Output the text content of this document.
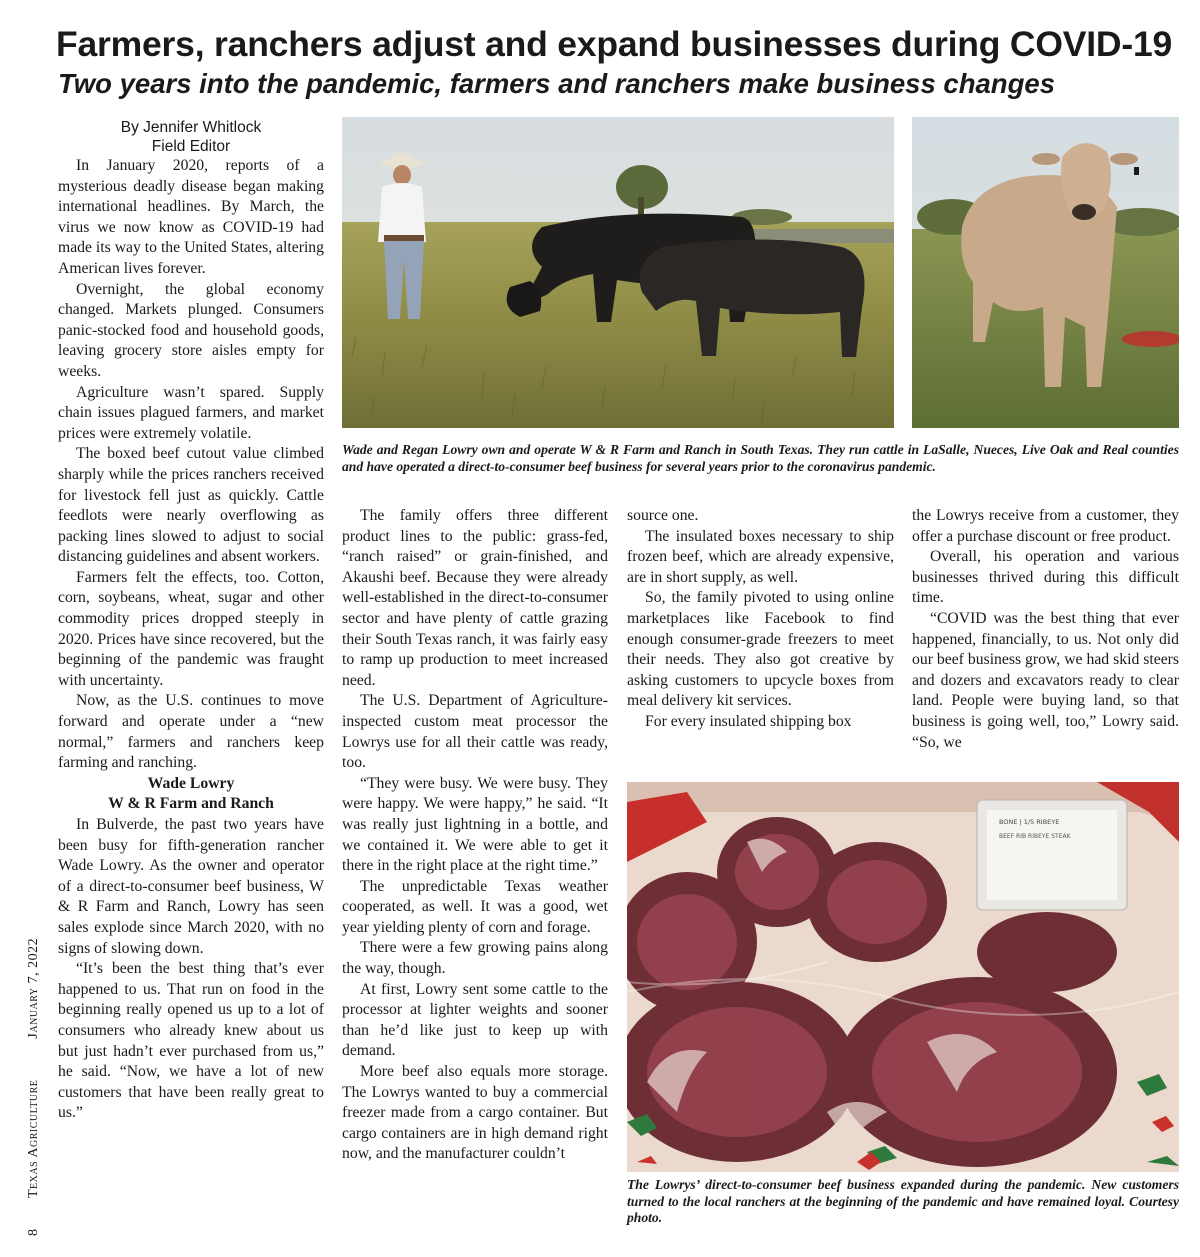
Farmers, ranchers adjust and expand businesses during COVID-19
Two years into the pandemic, farmers and ranchers make business changes
By Jennifer Whitlock
Field Editor
8  Texas Agriculture  January 7, 2022

In January 2020, reports of a mysterious deadly disease began making international headlines. By March, the virus we now know as COVID-19 had made its way to the United States, altering American lives forever.

Overnight, the global economy changed. Markets plunged. Consumers panic-stocked food and household goods, leaving grocery store aisles empty for weeks.

Agriculture wasn’t spared. Supply chain issues plagued farmers, and market prices were extremely volatile.

The boxed beef cutout value climbed sharply while the prices ranchers received for livestock fell just as quickly. Cattle feedlots were nearly overflowing as packing lines slowed to adjust to social distancing guidelines and absent workers.

Farmers felt the effects, too. Cotton, corn, soybeans, wheat, sugar and other commodity prices dropped steeply in 2020. Prices have since recovered, but the beginning of the pandemic was fraught with uncertainty.

Now, as the U.S. continues to move forward and operate under a “new normal,” farmers and ranchers keep farming and ranching.

Wade Lowry
W & R Farm and Ranch

In Bulverde, the past two years have been busy for fifth-generation rancher Wade Lowry. As the owner and operator of a direct-to-consumer beef business, W & R Farm and Ranch, Lowry has seen sales explode since March 2020, with no signs of slowing down.

“It’s been the best thing that’s ever happened to us. That run on food in the beginning really opened us up to a lot of consumers who already knew about us but just hadn’t ever purchased from us,” he said. “Now, we have a lot of new customers that have been really great to us.”

Wade and Regan Lowry own and operate W & R Farm and Ranch in South Texas. They run cattle in LaSalle, Nueces, Live Oak and Real counties and have operated a direct-to-consumer beef business for several years prior to the coronavirus pandemic.

The family offers three different product lines to the public: grass-fed, “ranch raised” or grain-finished, and Akaushi beef. Because they were already well-established in the direct-to-consumer sector and have plenty of cattle grazing their South Texas ranch, it was fairly easy to ramp up production to meet increased need.

The U.S. Department of Agriculture-inspected custom meat processor the Lowrys use for all their cattle was ready, too.

“They were busy. We were busy. They were happy. We were happy,” he said. “It was really just lightning in a bottle, and we contained it. We were able to get it there in the right place at the right time.”

The unpredictable Texas weather cooperated, as well. It was a good, wet year yielding plenty of corn and forage.

There were a few growing pains along the way, though.

At first, Lowry sent some cattle to the processor at lighter weights and sooner than he’d like just to keep up with demand.

More beef also equals more storage. The Lowrys wanted to buy a commercial freezer made from a cargo container. But cargo containers are in high demand right now, and the manufacturer couldn’t

source one.

The insulated boxes necessary to ship frozen beef, which are already expensive, are in short supply, as well.

So, the family pivoted to using online marketplaces like Facebook to find enough consumer-grade freezers to meet their needs. They also got creative by asking customers to upcycle boxes from meal delivery kit services.

For every insulated shipping box

the Lowrys receive from a customer, they offer a purchase discount or free product.

Overall, his operation and various businesses thrived during this difficult time.

“COVID was the best thing that ever happened, financially, to us. Not only did our beef business grow, we had skid steers and dozers and excavators ready to clear land. People were buying land, so that business is going well, too,” Lowry said. “So, we

BONE | 1/5 RIBEYE
BEEF RIB RIBEYE STEAK
The Lowrys’ direct-to-consumer beef business expanded during the pandemic. New customers turned to the local ranchers at the beginning of the pandemic and have remained loyal. Courtesy photo.
